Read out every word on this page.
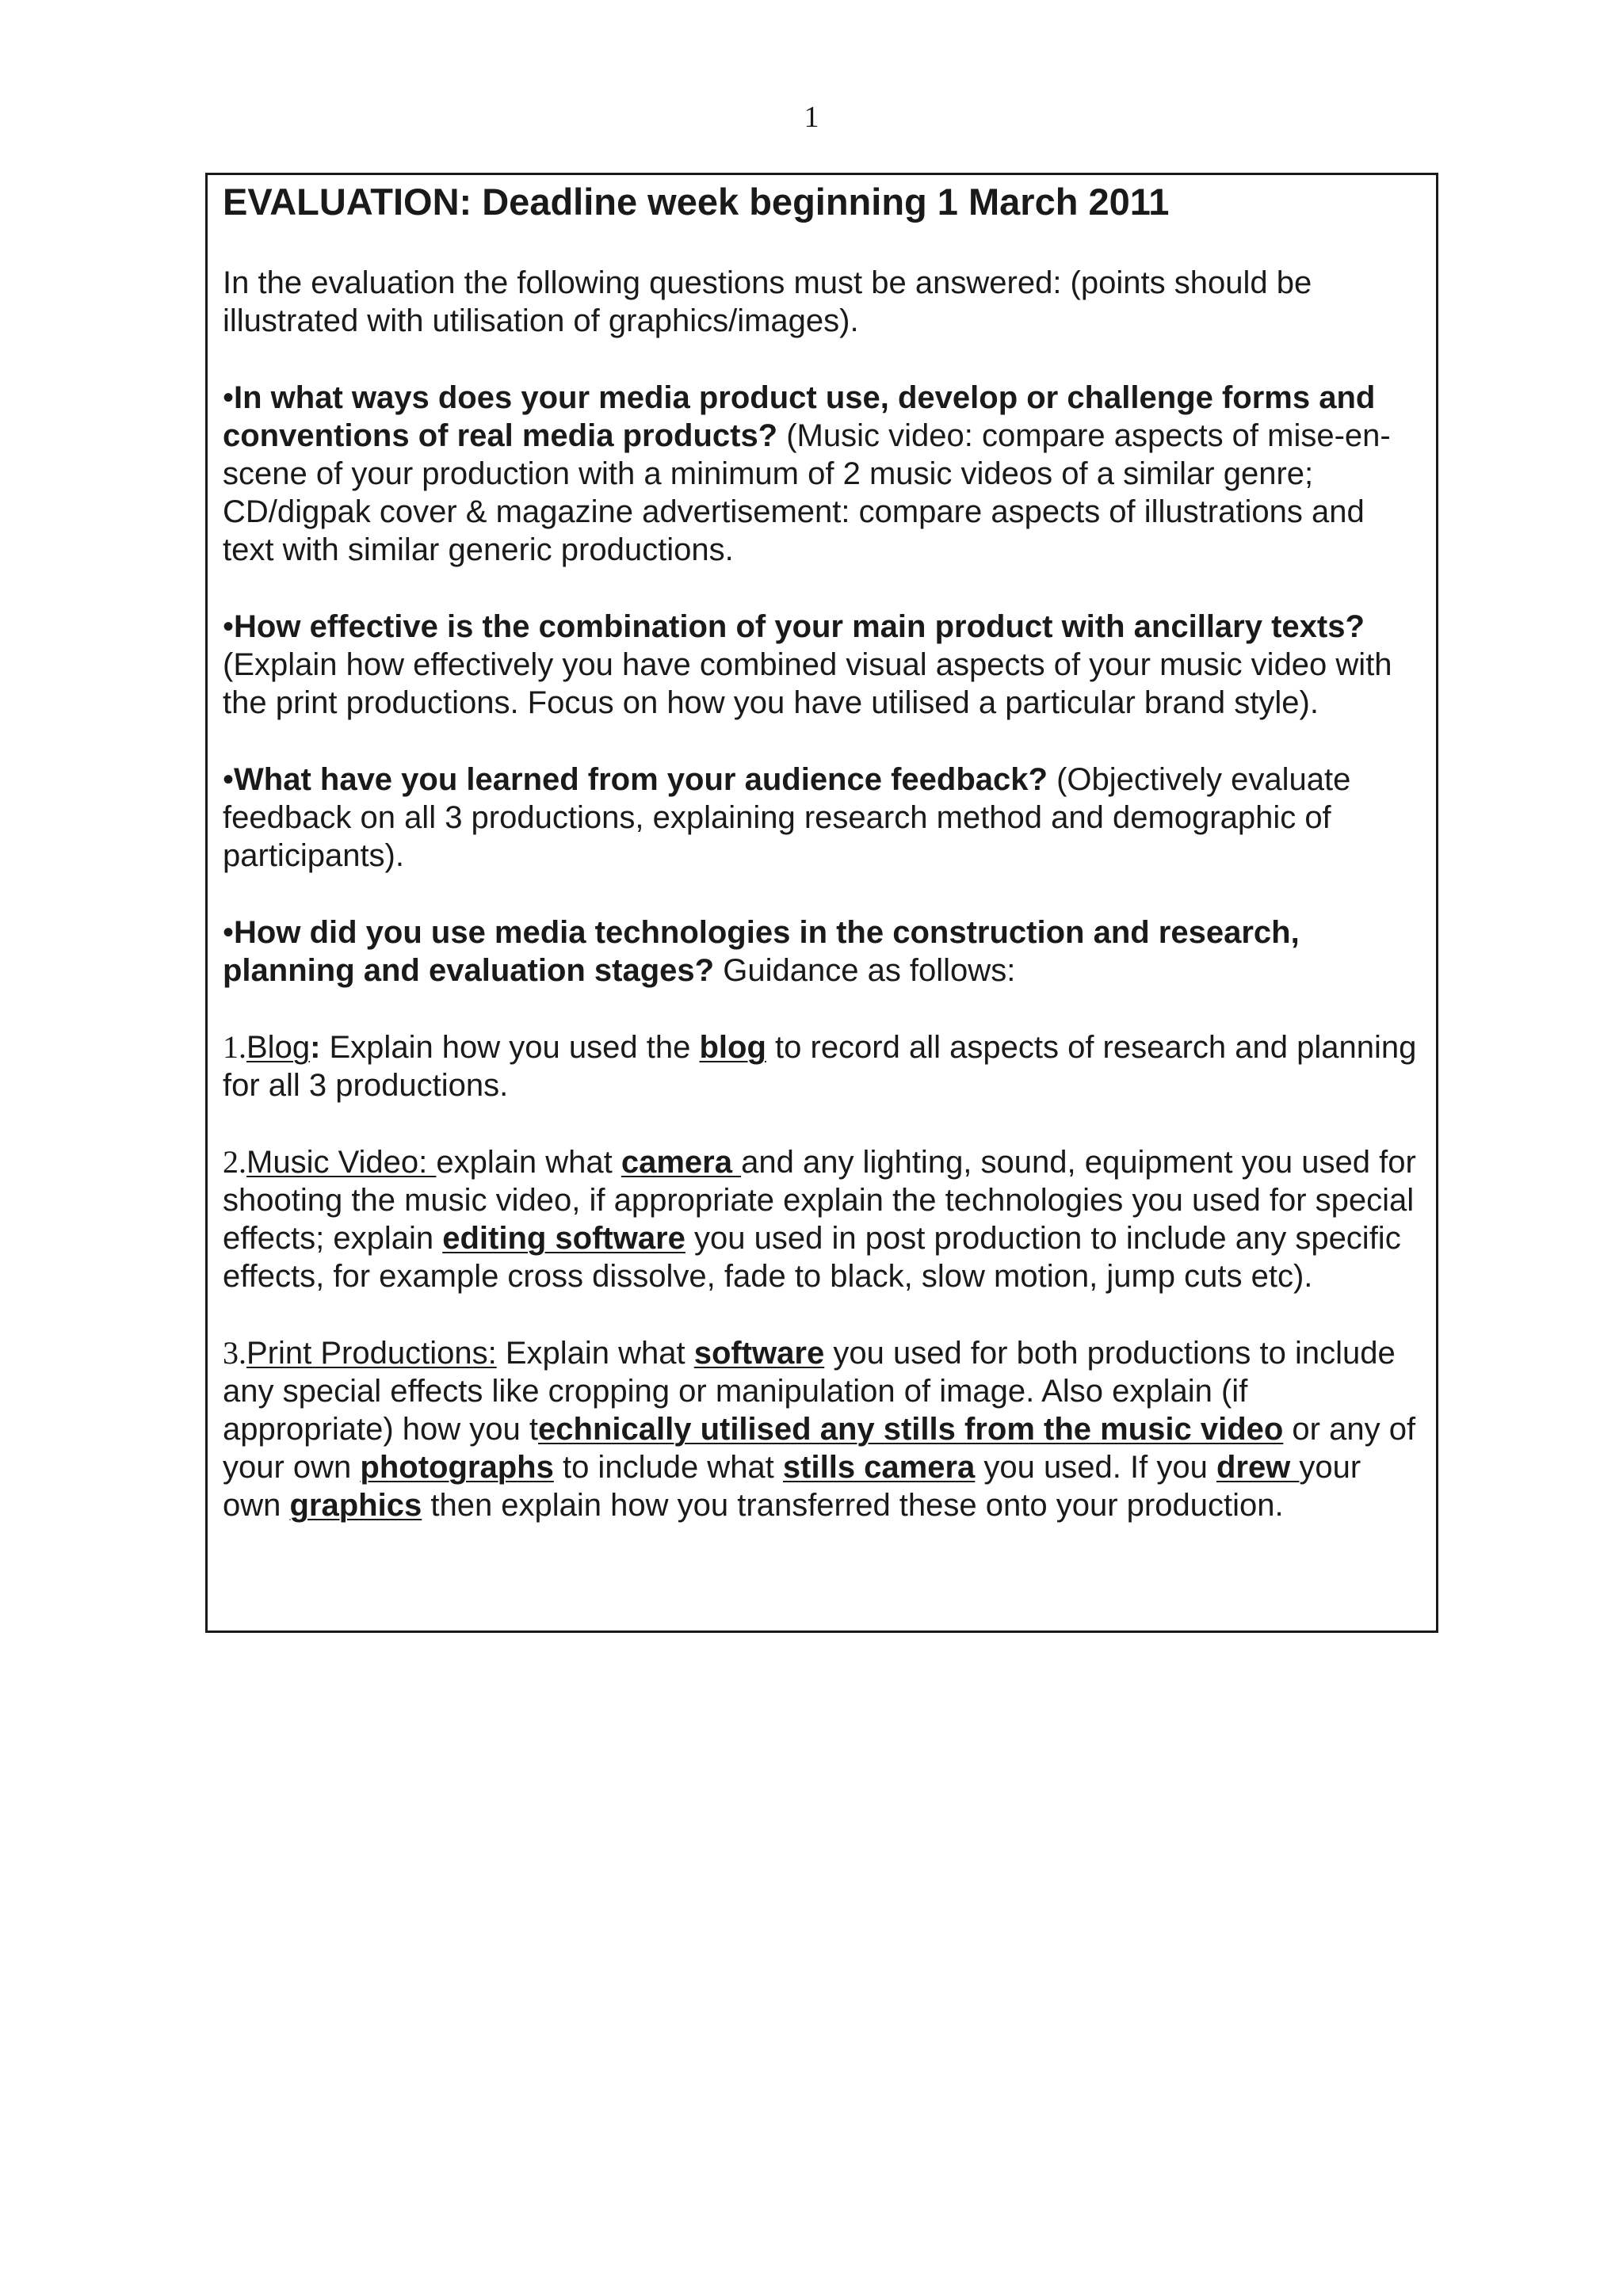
1
EVALUATION: Deadline week beginning 1 March 2011

In the evaluation the following questions must be answered: (points should be illustrated with utilisation of graphics/images).

•In what ways does your media product use, develop or challenge forms and conventions of real media products? (Music video: compare aspects of mise-en-scene of your production with a minimum of 2 music videos of a similar genre; CD/digpak cover & magazine advertisement: compare aspects of illustrations and text with similar generic productions.

•How effective is the combination of your main product with ancillary texts? (Explain how effectively you have combined visual aspects of your music video with the print productions. Focus on how you have utilised a particular brand style).

•What have you learned from your audience feedback? (Objectively evaluate feedback on all 3 productions, explaining research method and demographic of participants).

•How did you use media technologies in the construction and research, planning and evaluation stages? Guidance as follows:

1.Blog: Explain how you used the blog to record all aspects of research and planning for all 3 productions.

2.Music Video: explain what camera and any lighting, sound, equipment you used for shooting the music video, if appropriate explain the technologies you used for special effects; explain editing software you used in post production to include any specific effects, for example cross dissolve, fade to black, slow motion, jump cuts etc).

3.Print Productions: Explain what software you used for both productions to include any special effects like cropping or manipulation of image. Also explain (if appropriate) how you technically utilised any stills from the music video or any of your own photographs to include what stills camera you used. If you drew your own graphics then explain how you transferred these onto your production.
